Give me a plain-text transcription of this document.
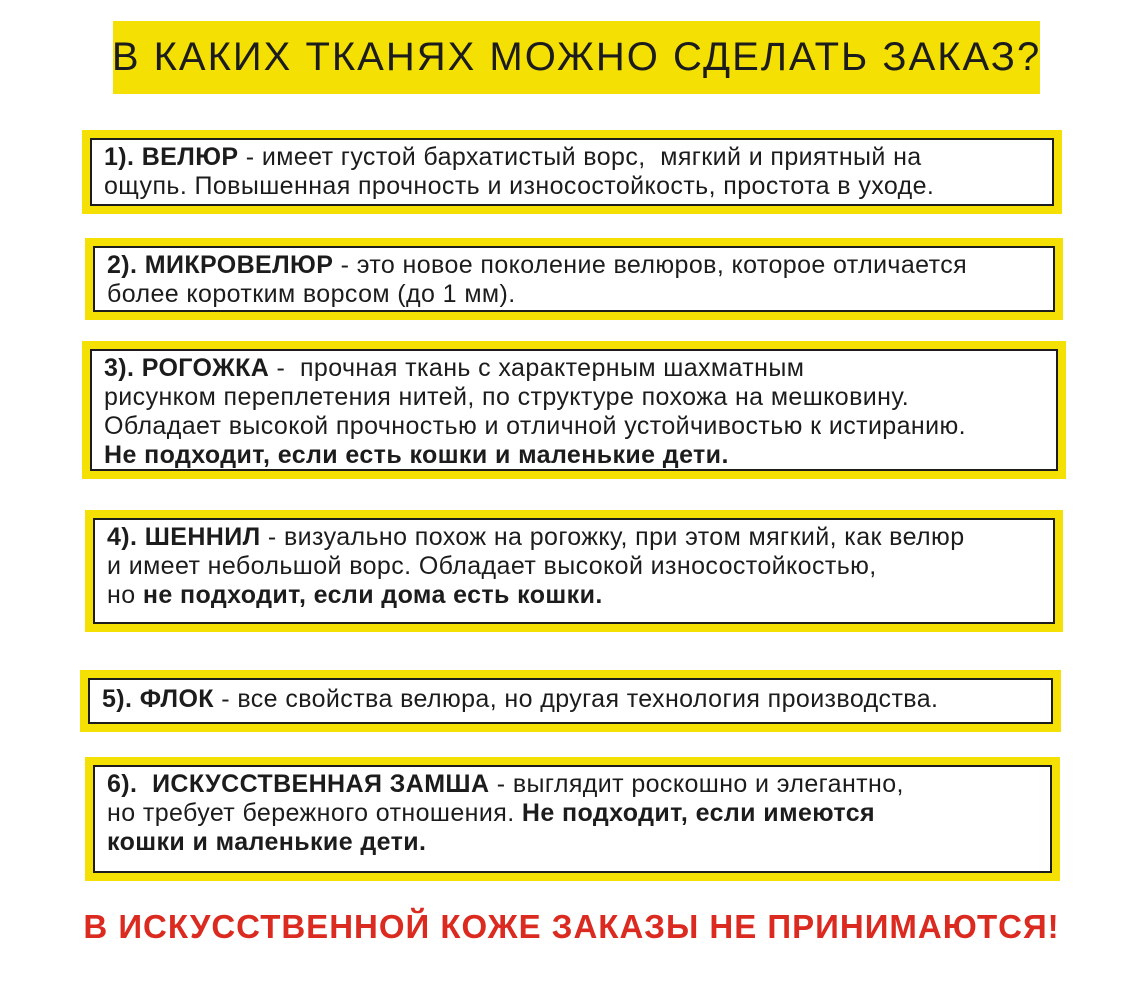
В КАКИХ ТКАНЯХ МОЖНО СДЕЛАТЬ ЗАКАЗ?
1). ВЕЛЮР - имеет густой бархатистый ворс,  мягкий и приятный на
ощупь. Повышенная прочность и износостойкость, простота в уходе.
2). МИКРОВЕЛЮР - это новое поколение велюров, которое отличается
более коротким ворсом (до 1 мм).
3). РОГОЖКА -  прочная ткань с характерным шахматным
рисунком переплетения нитей, по структуре похожа на мешковину.
Обладает высокой прочностью и отличной устойчивостью к истиранию.
Не подходит, если есть кошки и маленькие дети.
4). ШЕННИЛ - визуально похож на рогожку, при этом мягкий, как велюр
и имеет небольшой ворс. Обладает высокой износостойкостью,
но не подходит, если дома есть кошки.
5). ФЛОК - все свойства велюра, но другая технология производства.
6).  ИСКУССТВЕННАЯ ЗАМША - выглядит роскошно и элегантно,
но требует бережного отношения. Не подходит, если имеются
кошки и маленькие дети.
В ИСКУССТВЕННОЙ КОЖЕ ЗАКАЗЫ НЕ ПРИНИМАЮТСЯ!
